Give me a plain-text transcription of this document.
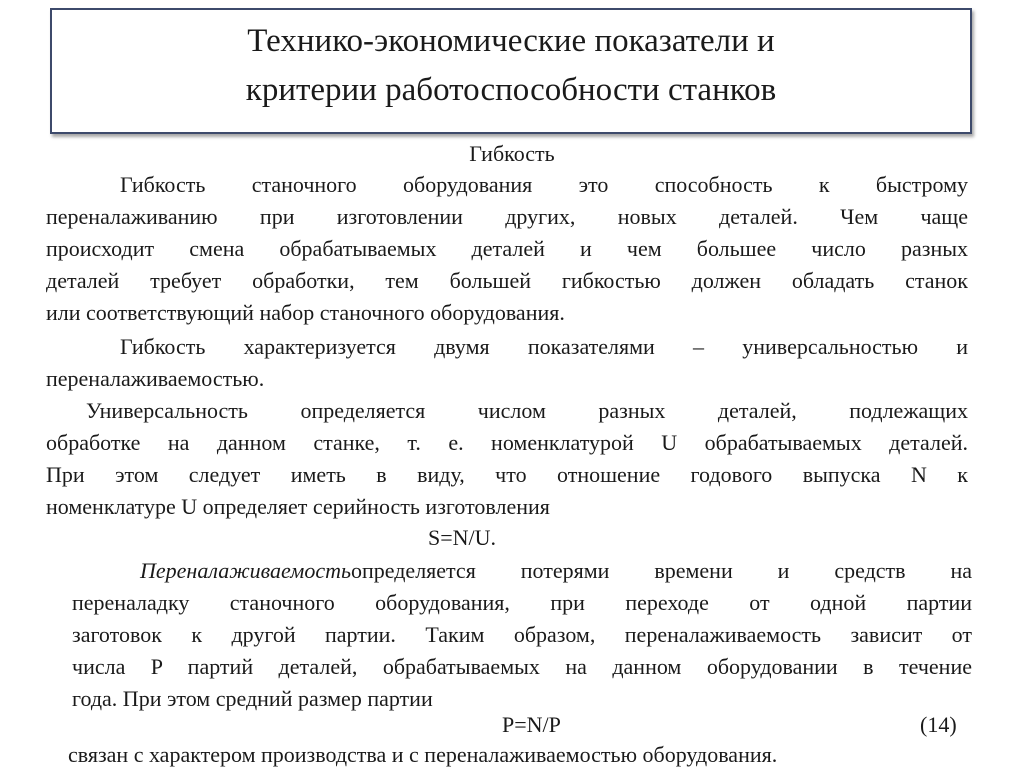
Технико-экономические показатели и
критерии работоспособности станков
Гибкость
Гибкость станочного оборудования это способность к быстрому
переналаживанию при изготовлении других, новых деталей. Чем чаще
происходит смена обрабатываемых деталей и чем большее число разных
деталей требует обработки, тем большей гибкостью должен обладать станок
или соответствующий набор станочного оборудования.
Гибкость характеризуется двумя показателями – универсальностью и
переналаживаемостью.
Универсальность определяется числом разных деталей, подлежащих
обработке на данном станке, т. е. номенклатурой U обрабатываемых деталей.
При этом следует иметь в виду, что отношение годового выпуска N к
номенклатуре U определяет серийность изготовления
S=N/U.
Переналаживаемость определяется потерями времени и средств на
переналадку станочного оборудования, при переходе от одной партии
заготовок к другой партии. Таким образом, переналаживаемость зависит от
числа P партий деталей, обрабатываемых на данном оборудовании в течение
года. При этом средний размер партии
P=N/P	(14)
связан с характером производства и с переналаживаемостью оборудования.
